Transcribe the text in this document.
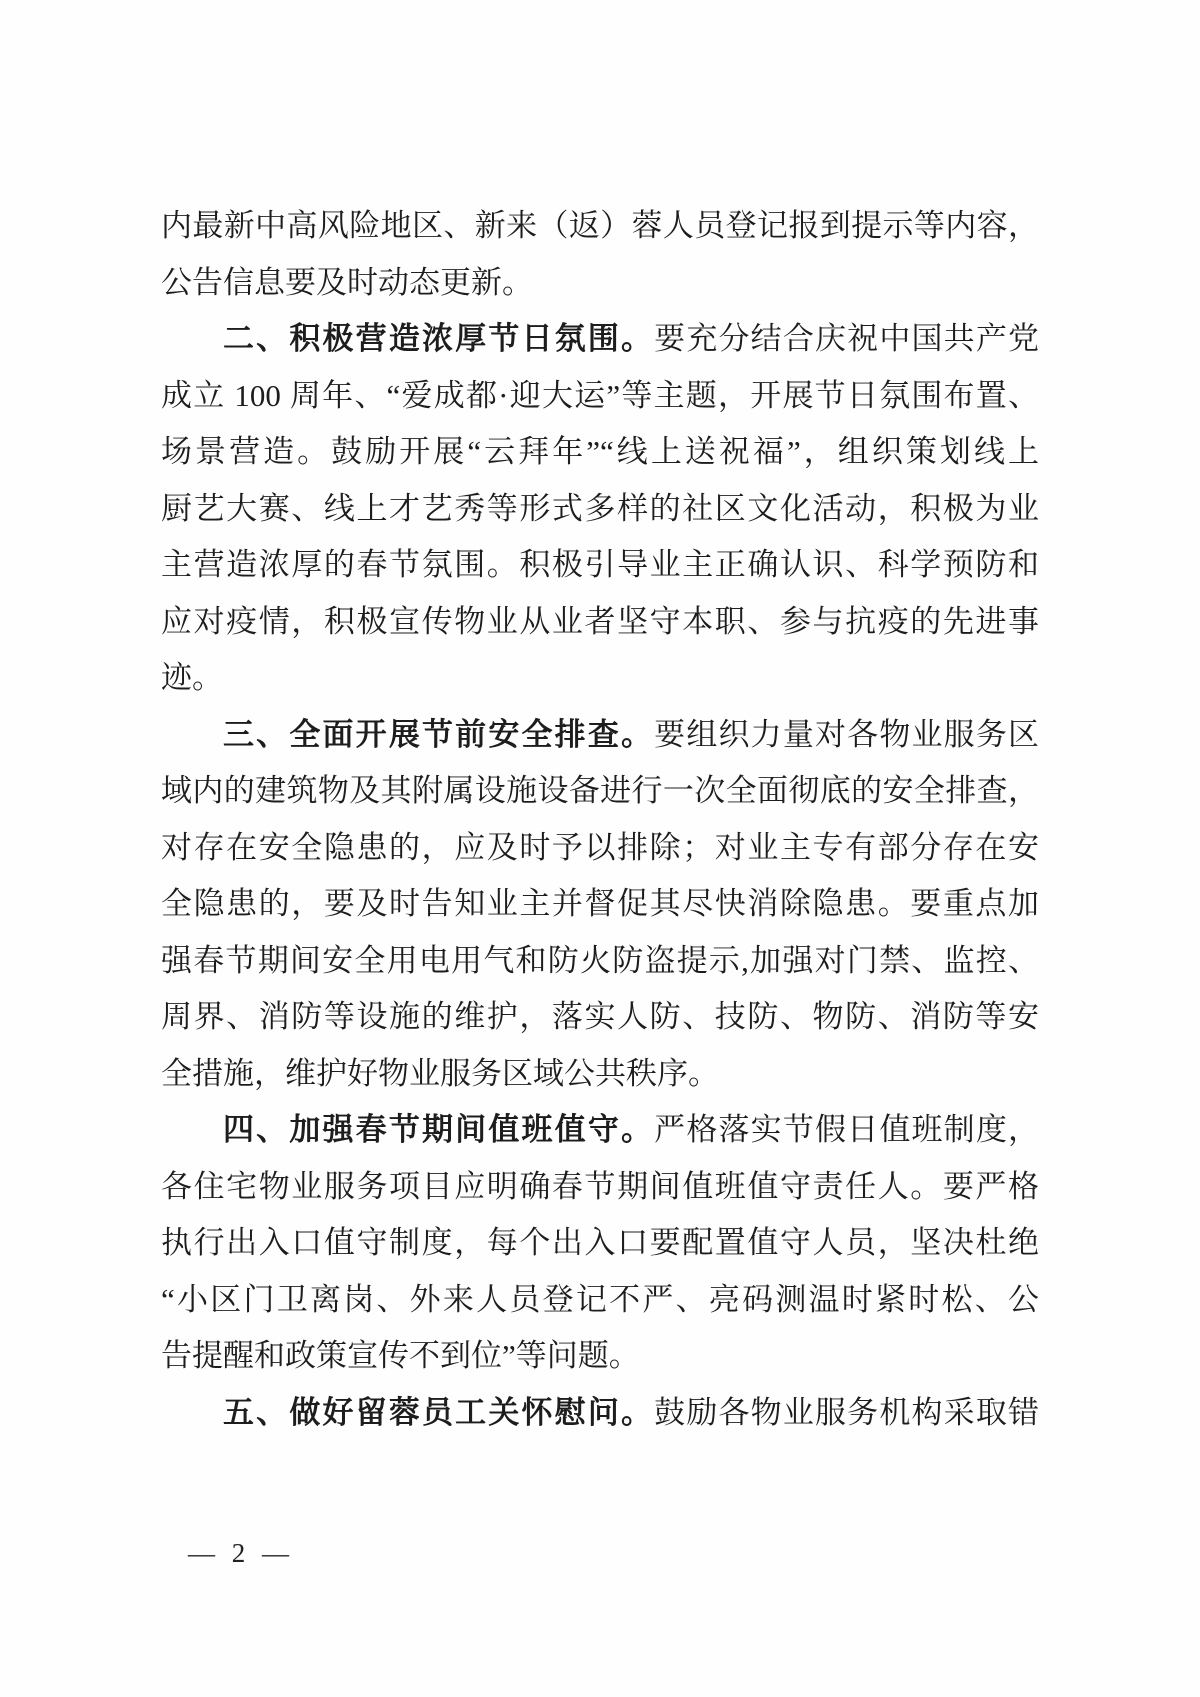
内最新中高风险地区、新来（返）蓉人员登记报到提示等内容，
公告信息要及时动态更新。
二、积极营造浓厚节日氛围。要充分结合庆祝中国共产党
成立 100 周年、“爱成都·迎大运”等主题，开展节日氛围布置、
场景营造。鼓励开展“云拜年”“线上送祝福”，组织策划线上
厨艺大赛、线上才艺秀等形式多样的社区文化活动，积极为业
主营造浓厚的春节氛围。积极引导业主正确认识、科学预防和
应对疫情，积极宣传物业从业者坚守本职、参与抗疫的先进事
迹。
三、全面开展节前安全排查。要组织力量对各物业服务区
域内的建筑物及其附属设施设备进行一次全面彻底的安全排查，
对存在安全隐患的，应及时予以排除；对业主专有部分存在安
全隐患的，要及时告知业主并督促其尽快消除隐患。要重点加
强春节期间安全用电用气和防火防盗提示,加强对门禁、监控、
周界、消防等设施的维护，落实人防、技防、物防、消防等安
全措施，维护好物业服务区域公共秩序。
四、加强春节期间值班值守。严格落实节假日值班制度，
各住宅物业服务项目应明确春节期间值班值守责任人。要严格
执行出入口值守制度，每个出入口要配置值守人员，坚决杜绝
“小区门卫离岗、外来人员登记不严、亮码测温时紧时松、公
告提醒和政策宣传不到位”等问题。
五、做好留蓉员工关怀慰问。鼓励各物业服务机构采取错
— 2 —
